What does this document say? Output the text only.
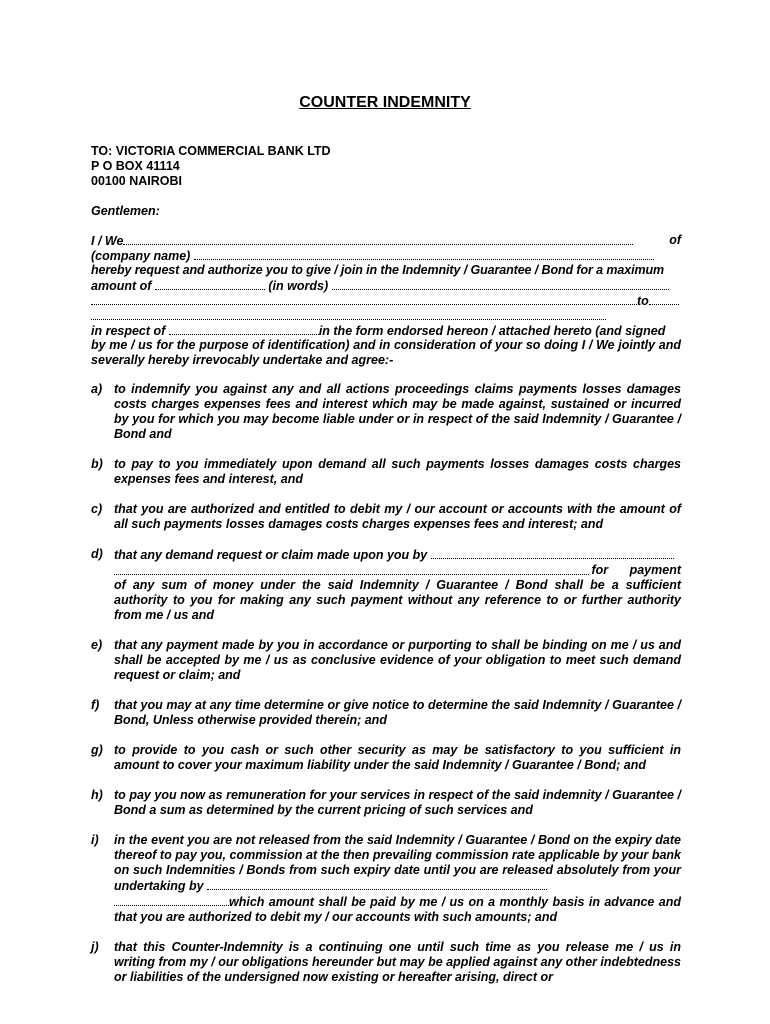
COUNTER INDEMNITY
TO: VICTORIA COMMERCIAL BANK LTD
P O BOX 41114
00100 NAIROBI
Gentlemen:
I / We	of
(company name)
hereby request and authorize you to give / join in the Indemnity / Guarantee / Bond for a maximum
amount of	(in words)
to
in respect of	in the form endorsed hereon / attached hereto (and signed
by me / us for the purpose of identification) and in consideration of your so doing I / We jointly and severally hereby irrevocably undertake and agree:-
a) to indemnify you against any and all actions proceedings claims payments losses damages costs charges expenses fees and interest which may be made against, sustained or incurred by you for which you may become liable under or in respect of the said Indemnity / Guarantee / Bond and
b) to pay to you immediately upon demand all such payments losses damages costs charges expenses fees and interest, and
c) that you are authorized and entitled to debit my / our account or accounts with the amount of all such payments losses damages costs charges expenses fees and interest; and
d) that any demand request or claim made upon you by
for payment
of any sum of money under the said Indemnity / Guarantee / Bond shall be a sufficient authority to you for making any such payment without any reference to or further authority from me / us and
e) that any payment made by you in accordance or purporting to shall be binding on me / us and shall be accepted by me / us as conclusive evidence of your obligation to meet such demand request or claim; and
f) that you may at any time determine or give notice to determine the said Indemnity / Guarantee / Bond, Unless otherwise provided therein; and
g) to provide to you cash or such other security as may be satisfactory to you sufficient in amount to cover your maximum liability under the said Indemnity / Guarantee / Bond; and
h) to pay you now as remuneration for your services in respect of the said indemnity / Guarantee / Bond a sum as determined by the current pricing of such services and
i) in the event you are not released from the said Indemnity / Guarantee / Bond on the expiry date thereof to pay you, commission at the then prevailing commission rate applicable by your bank on such Indemnities / Bonds from such expiry date until you are released absolutely from your undertaking by
which amount shall be paid by me / us on a monthly basis in advance and that you are authorized to debit my / our accounts with such amounts; and
j) that this Counter-Indemnity is a continuing one until such time as you release me / us in writing from my / our obligations hereunder but may be applied against any other indebtedness or liabilities of the undersigned now existing or hereafter arising, direct or
